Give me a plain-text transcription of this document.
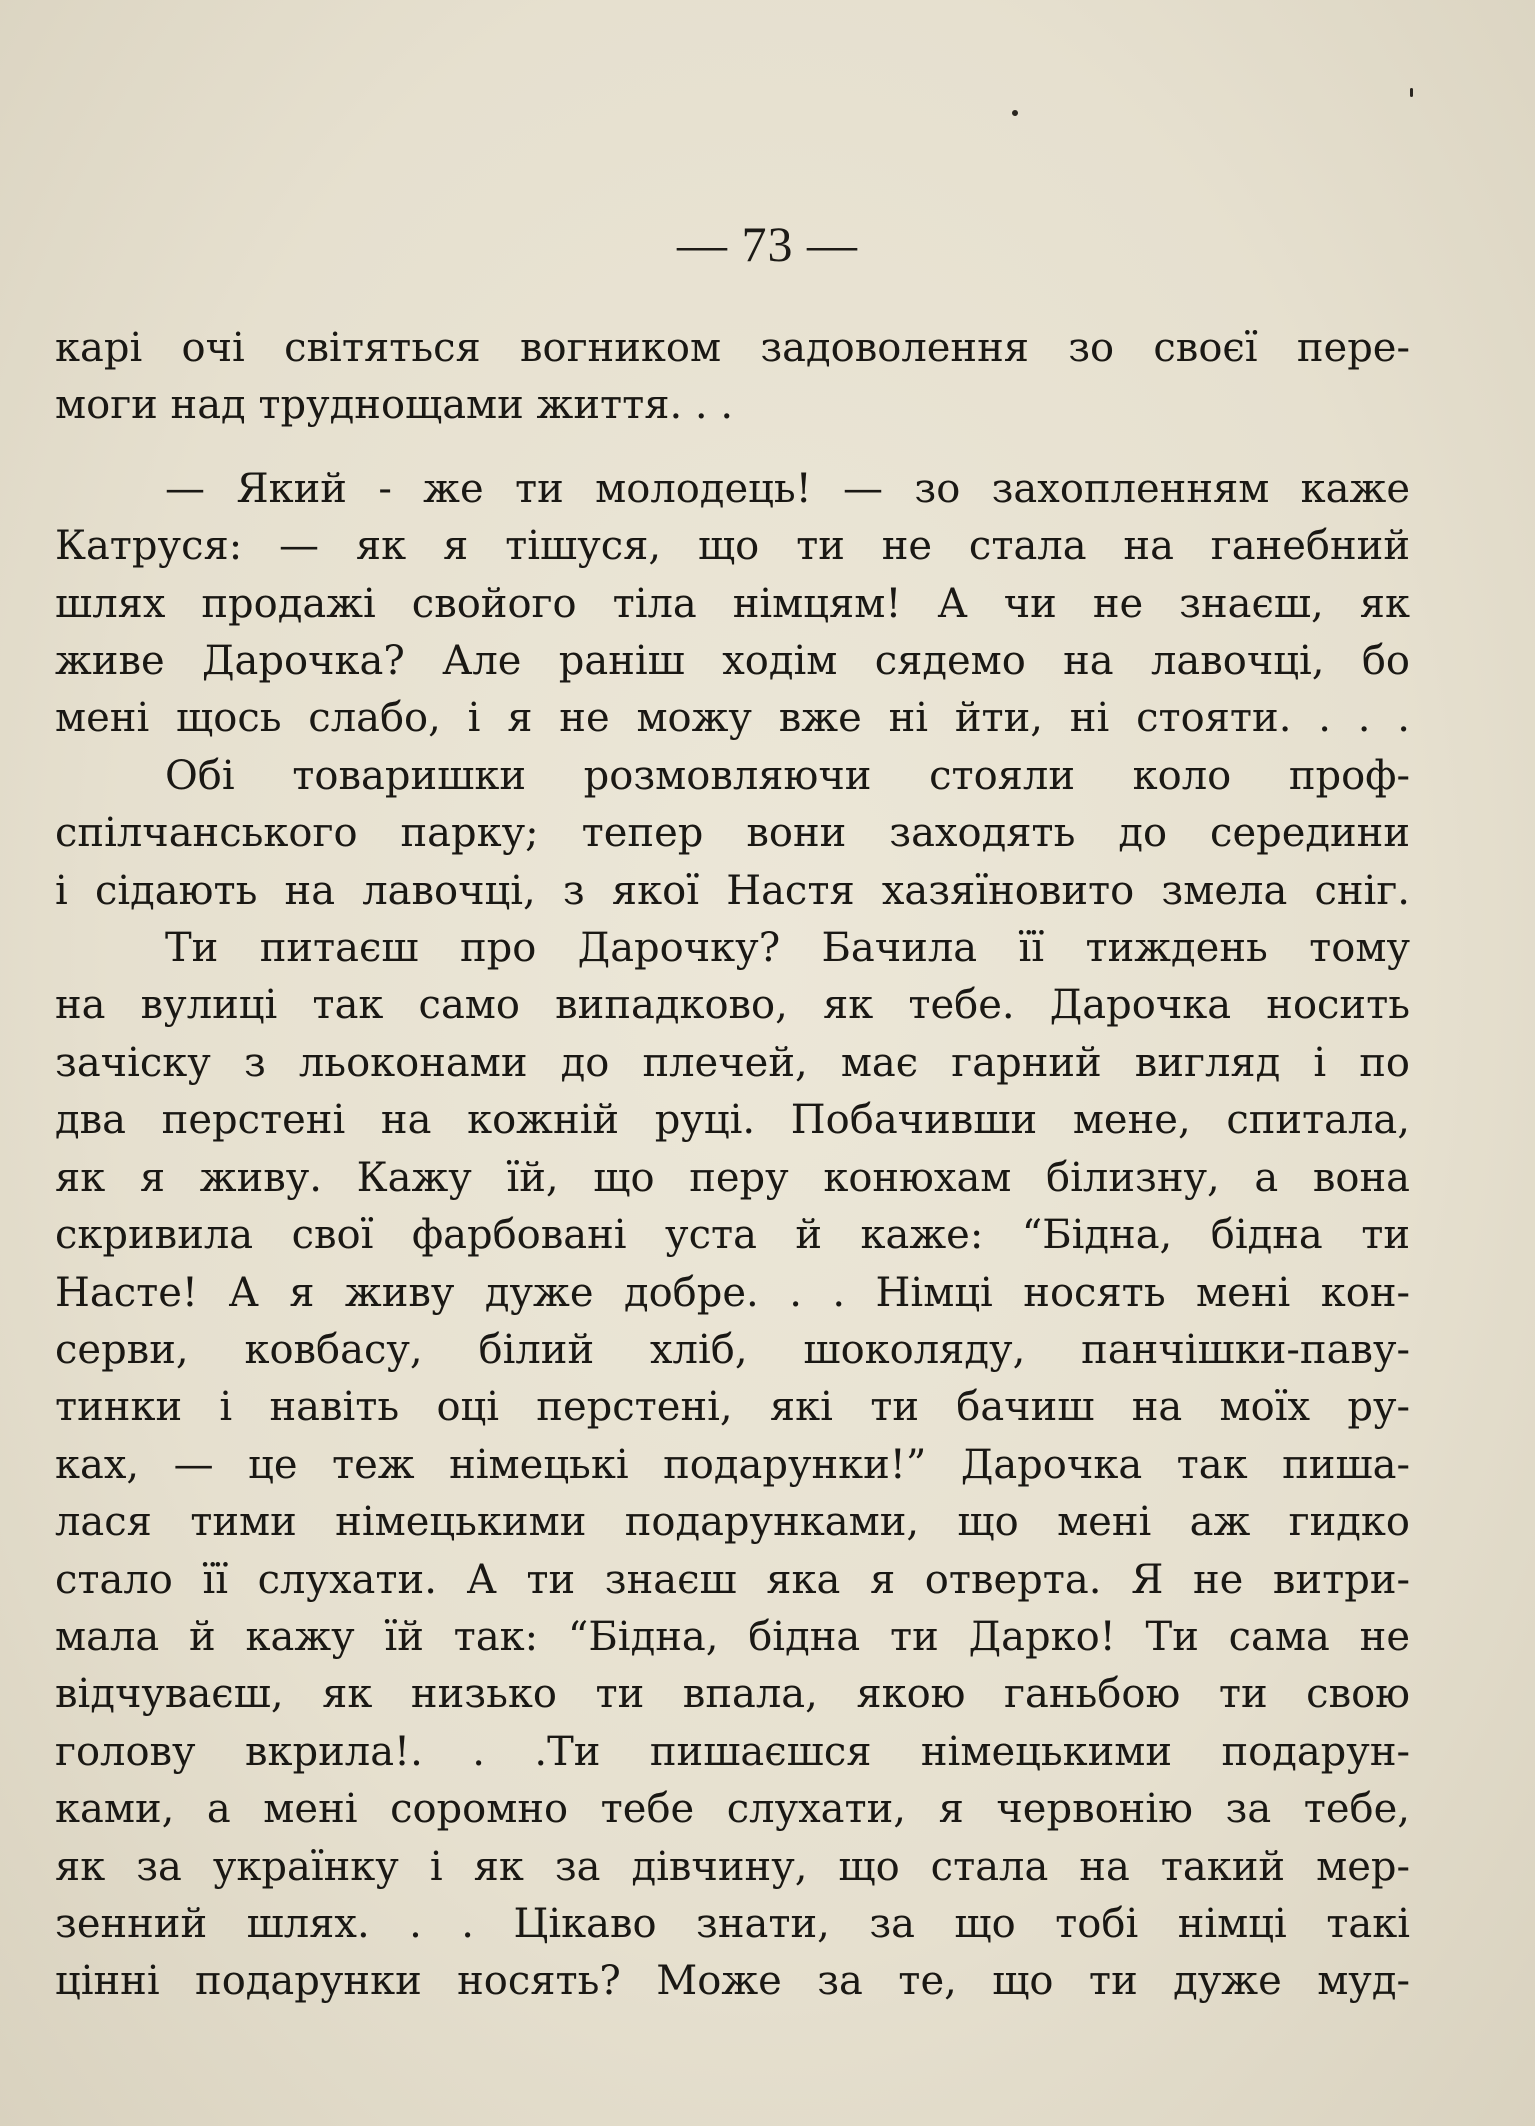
— 73 —
карі очі світяться вогником задоволення зо своєї пере-
моги над труднощами життя. . .
— Який - же ти молодець! — зо захопленням каже
Катруся: — як я тішуся, що ти не стала на ганебний
шлях продажі свойого тіла німцям! А чи не знаєш, як
живе Дарочка? Але раніш ходім сядемо на лавочці, бо
мені щось слабо, і я не можу вже ні йти, ні стояти. . . .
Обі товаришки розмовляючи стояли коло проф-
спілчанського парку; тепер вони заходять до середини
і сідають на лавочці, з якої Настя хазяїновито змела сніг.
Ти питаєш про Дарочку? Бачила її тиждень тому
на вулиці так само випадково, як тебе. Дарочка носить
зачіску з льоконами до плечей, має гарний вигляд і по
два перстені на кожній руці. Побачивши мене, спитала,
як я живу. Кажу їй, що перу конюхам білизну, а вона
скривила свої фарбовані уста й каже: “Бідна, бідна ти
Насте! А я живу дуже добре. . . Німці носять мені кон-
серви, ковбасу, білий хліб, шоколяду, панчішки-паву-
тинки і навіть оці перстені, які ти бачиш на моїх ру-
ках, — це теж німецькі подарунки!” Дарочка так пиша-
лася тими німецькими подарунками, що мені аж гидко
стало її слухати. А ти знаєш яка я отверта. Я не витри-
мала й кажу їй так: “Бідна, бідна ти Дарко! Ти сама не
відчуваєш, як низько ти впала, якою ганьбою ти свою
голову вкрила!. . .Ти пишаєшся німецькими подарун-
ками, а мені соромно тебе слухати, я червонію за тебе,
як за українку і як за дівчину, що стала на такий мер-
зенний шлях. . . Цікаво знати, за що тобі німці такі
цінні подарунки носять? Може за те, що ти дуже муд-
